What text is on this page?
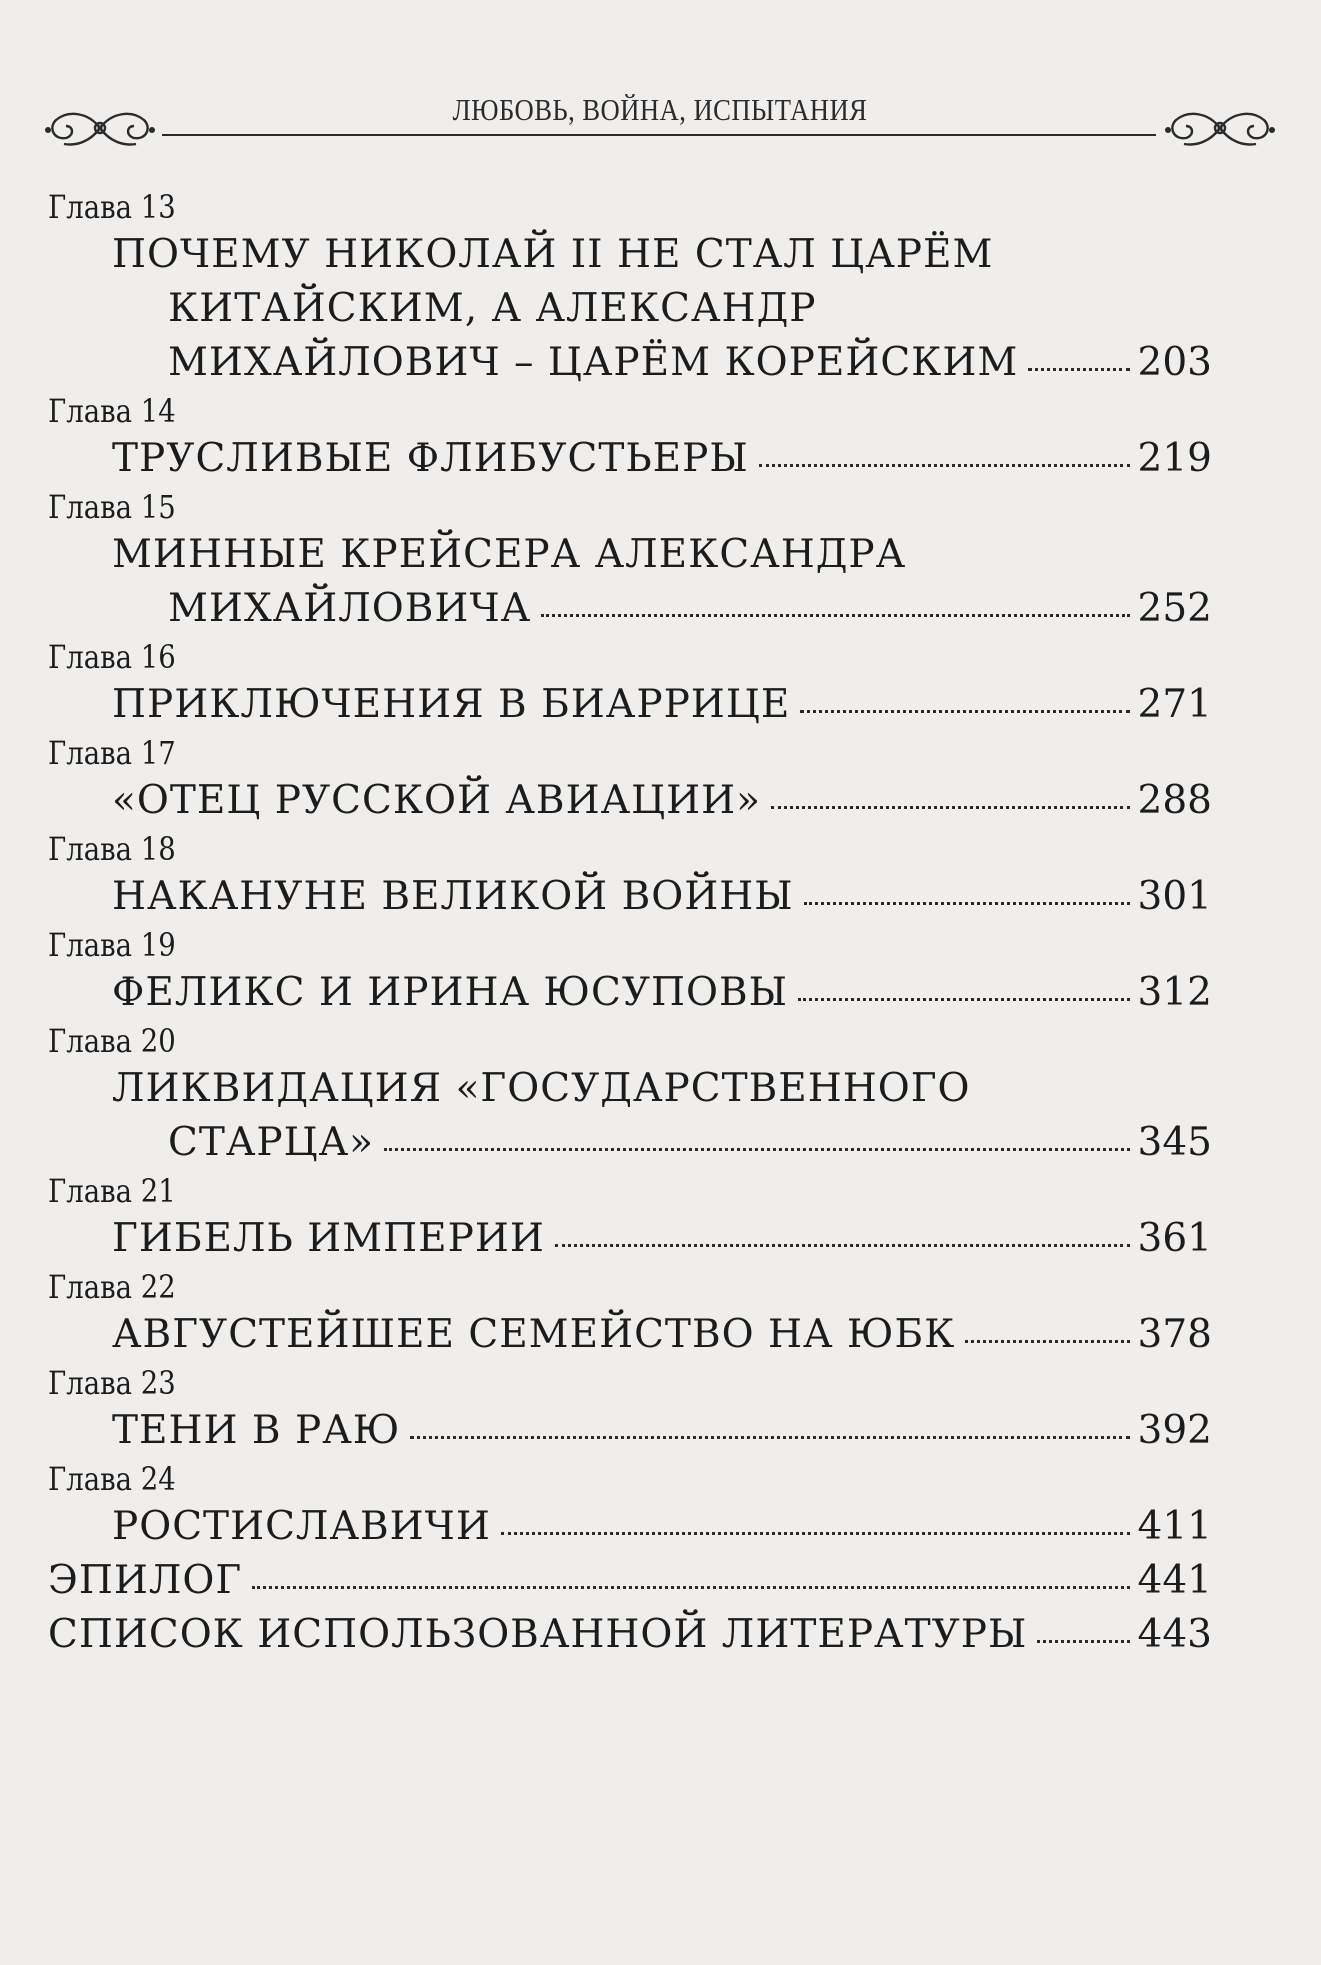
ЛЮБОВЬ, ВОЙНА, ИСПЫТАНИЯ
Глава 13
ПОЧЕМУ НИКОЛАЙ II НЕ СТАЛ ЦАРЁМ
КИТАЙСКИМ, А АЛЕКСАНДР
МИХАЙЛОВИЧ – ЦАРЁМ КОРЕЙСКИМ	203
Глава 14
ТРУСЛИВЫЕ ФЛИБУСТЬЕРЫ	219
Глава 15
МИННЫЕ КРЕЙСЕРА АЛЕКСАНДРА
МИХАЙЛОВИЧА	252
Глава 16
ПРИКЛЮЧЕНИЯ В БИАРРИЦЕ	271
Глава 17
«ОТЕЦ РУССКОЙ АВИАЦИИ»	288
Глава 18
НАКАНУНЕ ВЕЛИКОЙ ВОЙНЫ	301
Глава 19
ФЕЛИКС И ИРИНА ЮСУПОВЫ	312
Глава 20
ЛИКВИДАЦИЯ «ГОСУДАРСТВЕННОГО
СТАРЦА»	345
Глава 21
ГИБЕЛЬ ИМПЕРИИ	361
Глава 22
АВГУСТЕЙШЕЕ СЕМЕЙСТВО НА ЮБК	378
Глава 23
ТЕНИ В РАЮ	392
Глава 24
РОСТИСЛАВИЧИ	411
ЭПИЛОГ	441
СПИСОК ИСПОЛЬЗОВАННОЙ ЛИТЕРАТУРЫ	443
